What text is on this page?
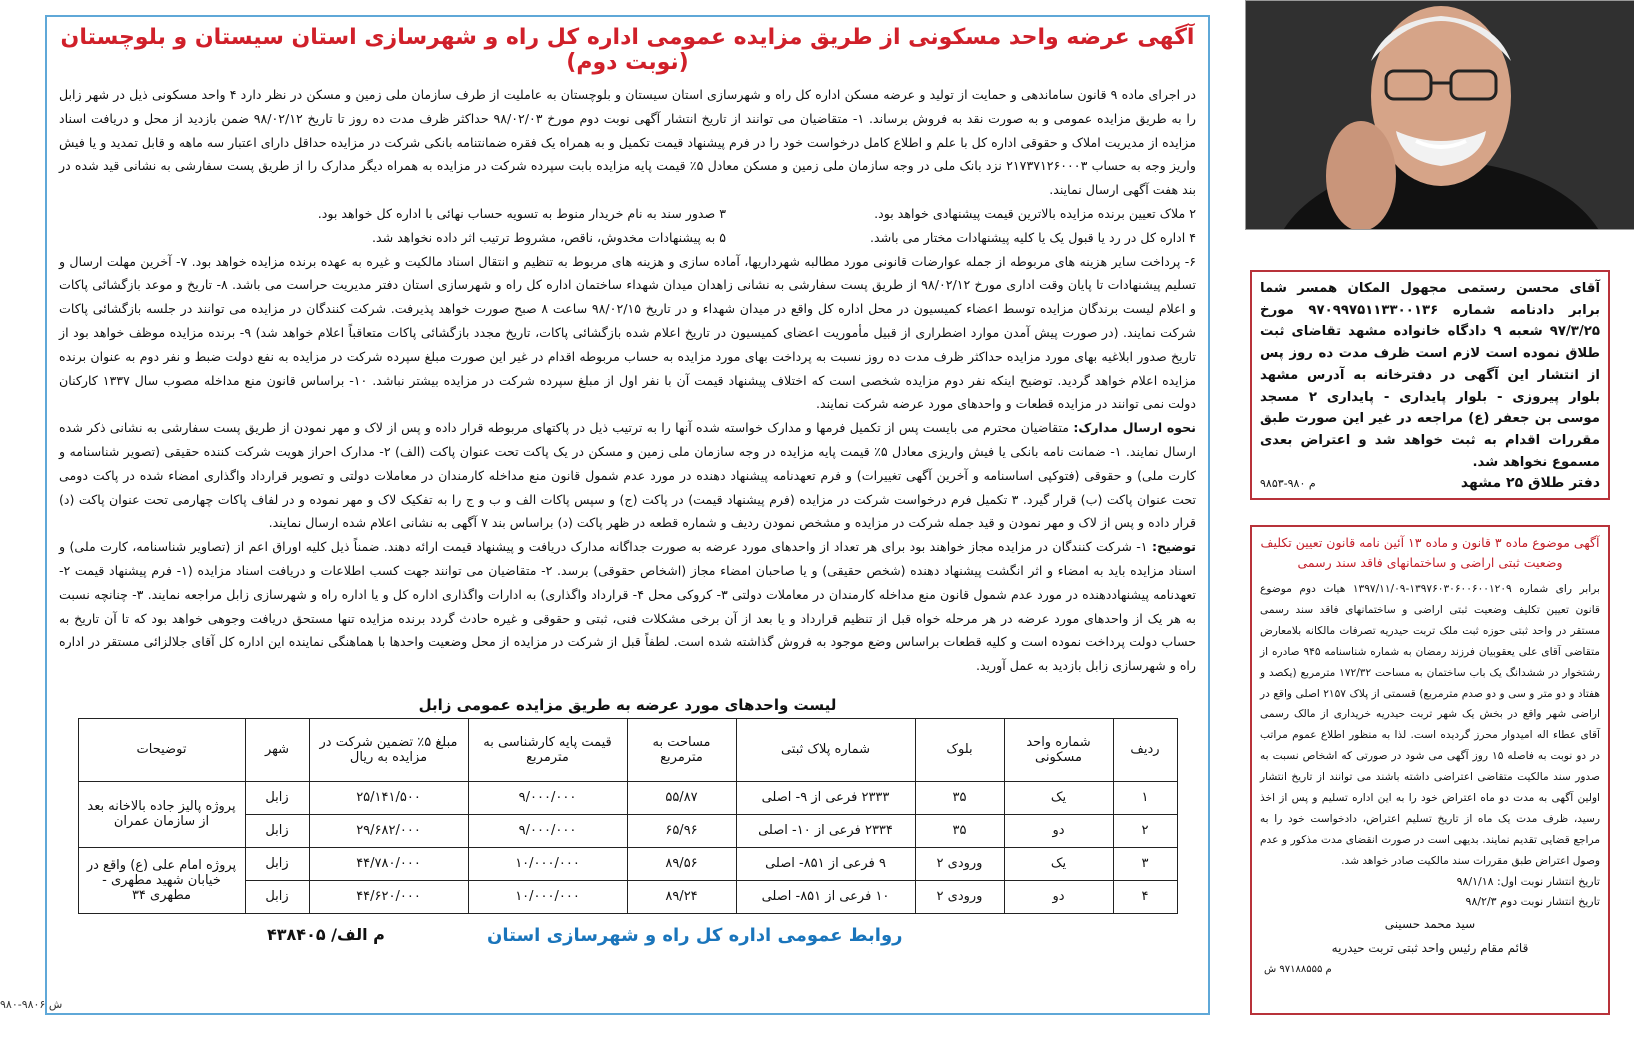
آگهی عرضه واحد مسکونی از طریق مزایده عمومی اداره کل راه و شهرسازی استان سیستان و بلوچستان (نوبت دوم)

در اجرای ماده ۹ قانون ساماندهی و حمایت از تولید و عرضه مسکن اداره کل راه و شهرسازی استان سیستان و بلوچستان به عاملیت از طرف سازمان ملی زمین و مسکن در نظر دارد ۴ واحد مسکونی ذیل در شهر زابل را به طریق مزایده عمومی و به صورت نقد به فروش برساند. ۱- متقاضیان می توانند از تاریخ انتشار آگهی نوبت دوم مورخ ۹۸/۰۲/۰۳ حداکثر ظرف مدت ده روز تا تاریخ ۹۸/۰۲/۱۲ ضمن بازدید از محل و دریافت اسناد مزایده از مدیریت املاک و حقوقی اداره کل با علم و اطلاع کامل درخواست خود را در فرم پیشنهاد قیمت تکمیل و به همراه یک فقره ضمانتنامه بانکی شرکت در مزایده حداقل دارای اعتبار سه ماهه و قابل تمدید و یا فیش واریز وجه به حساب ۲۱۷۳۷۱۲۶۰۰۰۳ نزد بانک ملی در وجه سازمان ملی زمین و مسکن معادل ۵٪ قیمت پایه مزایده بابت سپرده شرکت در مزایده به همراه دیگر مدارک را از طریق پست سفارشی به نشانی قید شده در بند هفت آگهی ارسال نمایند.

۲ ملاک تعیین برنده مزایده بالاترین قیمت پیشنهادی خواهد بود.
۳ صدور سند به نام خریدار منوط به تسویه حساب نهائی با اداره کل خواهد بود.
۴ اداره کل در رد یا قبول یک یا کلیه پیشنهادات مختار می باشد.
۵ به پیشنهادات مخدوش، ناقص، مشروط ترتیب اثر داده نخواهد شد.

۶- پرداخت سایر هزینه های مربوطه از جمله عوارضات قانونی مورد مطالبه شهرداریها، آماده سازی و هزینه های مربوط به تنظیم و انتقال اسناد مالکیت و غیره به عهده برنده مزایده خواهد بود. ۷- آخرین مهلت ارسال و تسلیم پیشنهادات تا پایان وقت اداری مورخ ۹۸/۰۲/۱۲ از طریق پست سفارشی به نشانی زاهدان میدان شهداء ساختمان اداره کل راه و شهرسازی استان دفتر مدیریت حراست می باشد. ۸- تاریخ و موعد بازگشائی پاکات و اعلام لیست برندگان مزایده توسط اعضاء کمیسیون در محل اداره کل واقع در میدان شهداء و در تاریخ ۹۸/۰۲/۱۵ ساعت ۸ صبح صورت خواهد پذیرفت. شرکت کنندگان در مزایده می توانند در جلسه بازگشائی پاکات شرکت نمایند. (در صورت پیش آمدن موارد اضطراری از قبیل مأموریت اعضای کمیسیون در تاریخ اعلام شده بازگشائی پاکات، تاریخ مجدد بازگشائی پاکات متعاقباً اعلام خواهد شد) ۹- برنده مزایده موظف خواهد بود از تاریخ صدور ابلاغیه بهای مورد مزایده حداکثر ظرف مدت ده روز نسبت به پرداخت بهای مورد مزایده به حساب مربوطه اقدام در غیر این صورت مبلغ سپرده شرکت در مزایده به نفع دولت ضبط و نفر دوم به عنوان برنده مزایده اعلام خواهد گردید. توضیح اینکه نفر دوم مزایده شخصی است که اختلاف پیشنهاد قیمت آن با نفر اول از مبلغ سپرده شرکت در مزایده بیشتر نباشد. ۱۰- براساس قانون منع مداخله مصوب سال ۱۳۳۷ کارکنان دولت نمی توانند در مزایده قطعات و واحدهای مورد عرضه شرکت نمایند.

نحوه ارسال مدارک: متقاضیان محترم می بایست پس از تکمیل فرمها و مدارک خواسته شده آنها را به ترتیب ذیل در پاکتهای مربوطه قرار داده و پس از لاک و مهر نمودن از طریق پست سفارشی به نشانی ذکر شده ارسال نمایند. ۱- ضمانت نامه بانکی یا فیش واریزی معادل ۵٪ قیمت پایه مزایده در وجه سازمان ملی زمین و مسکن در یک پاکت تحت عنوان پاکت (الف) ۲- مدارک احراز هویت شرکت کننده حقیقی (تصویر شناسنامه و کارت ملی) و حقوقی (فتوکپی اساسنامه و آخرین آگهی تغییرات) و فرم تعهدنامه پیشنهاد دهنده در مورد عدم شمول قانون منع مداخله کارمندان در معاملات دولتی و تصویر قرارداد واگذاری امضاء شده در پاکت دومی تحت عنوان پاکت (ب) قرار گیرد. ۳ تکمیل فرم درخواست شرکت در مزایده (فرم پیشنهاد قیمت) در پاکت (ج) و سپس پاکات الف و ب و ج را به تفکیک لاک و مهر نموده و در لفاف پاکات چهارمی تحت عنوان پاکت (د) قرار داده و پس از لاک و مهر نمودن و قید جمله شرکت در مزایده و مشخص نمودن ردیف و شماره قطعه در ظهر پاکت (د) براساس بند ۷ آگهی به نشانی اعلام شده ارسال نمایند.

توضیح: ۱- شرکت کنندگان در مزایده مجاز خواهند بود برای هر تعداد از واحدهای مورد عرضه به صورت جداگانه مدارک دریافت و پیشنهاد قیمت ارائه دهند. ضمناً ذیل کلیه اوراق اعم از (تصاویر شناسنامه، کارت ملی) و اسناد مزایده باید به امضاء و اثر انگشت پیشنهاد دهنده (شخص حقیقی) و یا صاحبان امضاء مجاز (اشخاص حقوقی) برسد. ۲- متقاضیان می توانند جهت کسب اطلاعات و دریافت اسناد مزایده (۱- فرم پیشنهاد قیمت ۲- تعهدنامه پیشنهاددهنده در مورد عدم شمول قانون منع مداخله کارمندان در معاملات دولتی ۳- کروکی محل ۴- قرارداد واگذاری) به ادارات واگذاری اداره کل و یا اداره راه و شهرسازی زابل مراجعه نمایند. ۳- چنانچه نسبت به هر یک از واحدهای مورد عرضه در هر مرحله خواه قبل از تنظیم قرارداد و یا بعد از آن برخی مشکلات فنی، ثبتی و حقوقی و غیره حادث گردد برنده مزایده تنها مستحق دریافت وجوهی خواهد بود که تا آن تاریخ به حساب دولت پرداخت نموده است و کلیه قطعات براساس وضع موجود به فروش گذاشته شده است. لطفاً قبل از شرکت در مزایده از محل وضعیت واحدها با هماهنگی نماینده این اداره کل آقای جلالزائی مستقر در اداره راه و شهرسازی زابل بازدید به عمل آورید.

لیست واحدهای مورد عرضه به طریق مزایده عمومی زابل
ردیف	شماره واحد مسکونی	بلوک	شماره پلاک ثبتی	مساحت به مترمربع	قیمت پایه کارشناسی به مترمربع	مبلغ ۵٪ تضمین شرکت در مزایده به ریال	شهر	توضیحات
۱	یک	۳۵	۲۳۳۳ فرعی از ۹- اصلی	۵۵/۸۷	۹/۰۰۰/۰۰۰	۲۵/۱۴۱/۵۰۰	زابل	پروژه پالیز جاده بالاخانه بعد از سازمان عمران
۲	دو	۳۵	۲۳۳۴ فرعی از ۱۰- اصلی	۶۵/۹۶	۹/۰۰۰/۰۰۰	۲۹/۶۸۲/۰۰۰	زابل	
۳	یک	ورودی ۲	۹ فرعی از ۸۵۱- اصلی	۸۹/۵۶	۱۰/۰۰۰/۰۰۰	۴۴/۷۸۰/۰۰۰	زابل	پروژه امام علی (ع) واقع در خیابان شهید مطهری - مطهری ۳۴
۴	دو	ورودی ۲	۱۰ فرعی از ۸۵۱- اصلی	۸۹/۲۴	۱۰/۰۰۰/۰۰۰	۴۴/۶۲۰/۰۰۰	زابل	
م الف/ ۴۳۸۴۰۵	روابط عمومی اداره کل راه و شهرسازی استان
۹۸۰-۹۸۰۶ ش

آقای محسن رستمی مجهول المکان همسر شما برابر دادنامه شماره ۹۷۰۹۹۷۵۱۱۳۳۰۰۱۳۶ مورخ ۹۷/۳/۲۵ شعبه ۹ دادگاه خانواده مشهد تقاضای ثبت طلاق نموده است لازم است ظرف مدت ده روز پس از انتشار این آگهی در دفترخانه به آدرس مشهد بلوار پیروزی - بلوار پایداری - پایداری ۲ مسجد موسی بن جعفر (ع) مراجعه در غیر این صورت طبق مقررات اقدام به ثبت خواهد شد و اعتراض بعدی مسموع نخواهد شد.

دفتر طلاق ۲۵ مشهد
م ۹۸۰-۹۸۵۳

آگهی موضوع ماده ۳ قانون و ماده ۱۳ آئین نامه قانون تعیین تکلیف وضعیت ثبتی اراضی و ساختمانهای فاقد سند رسمی

برابر رای شماره ۱۳۹۷۶۰۳۰۶۰۰۶۰۰۱۲۰۹-۱۳۹۷/۱۱/۰۹ هیات دوم موضوع قانون تعیین تکلیف وضعیت ثبتی اراضی و ساختمانهای فاقد سند رسمی مستقر در واحد ثبتی حوزه ثبت ملک تربت حیدریه تصرفات مالکانه بلامعارض متقاضی آقای علی یعقوبیان فرزند رمضان به شماره شناسنامه ۹۴۵ صادره از رشتخوار در ششدانگ یک باب ساختمان به مساحت ۱۷۲/۳۲ مترمربع (یکصد و هفتاد و دو متر و سی و دو صدم مترمربع) قسمتی از پلاک ۲۱۵۷ اصلی واقع در اراضی شهر واقع در بخش یک شهر تربت حیدریه خریداری از مالک رسمی آقای عطاء اله امیدوار محرز گردیده است. لذا به منظور اطلاع عموم مراتب در دو نوبت به فاصله ۱۵ روز آگهی می شود در صورتی که اشخاص نسبت به صدور سند مالکیت متقاضی اعتراضی داشته باشند می توانند از تاریخ انتشار اولین آگهی به مدت دو ماه اعتراض خود را به این اداره تسلیم و پس از اخذ رسید، ظرف مدت یک ماه از تاریخ تسلیم اعتراض، دادخواست خود را به مراجع قضایی تقدیم نمایند. بدیهی است در صورت انقضای مدت مذکور و عدم وصول اعتراض طبق مقررات سند مالکیت صادر خواهد شد.

تاریخ انتشار نوبت اول: ۹۸/۱/۱۸

تاریخ انتشار نوبت دوم ۹۸/۲/۳

سید محمد حسینی

قائم مقام رئیس واحد ثبتی تربت حیدریه

م ۹۷۱۸۸۵۵۵ ش
